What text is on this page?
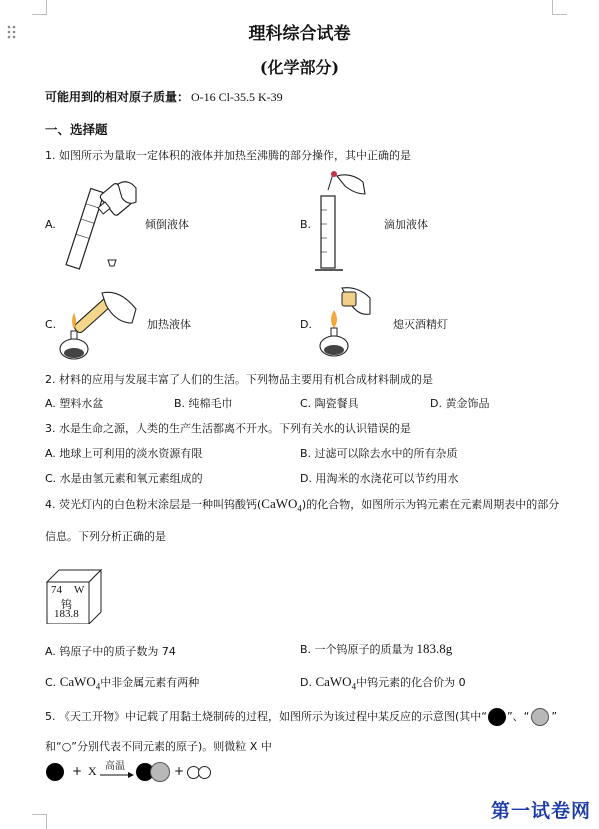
理科综合试卷
(化学部分)
可能用到的相对原子质量： O-16 Cl-35.5 K-39
一、选择题
1. 如图所示为量取一定体积的液体并加热至沸腾的部分操作，其中正确的是
A.	倾倒液体	B.	滴加液体
C.	加热液体	D.	熄灭酒精灯
2. 材料的应用与发展丰富了人们的生活。下列物品主要用有机合成材料制成的是
A. 塑料水盆	B. 纯棉毛巾	C. 陶瓷餐具	D. 黄金饰品
3. 水是生命之源，人类的生产生活都离不开水。下列有关水的认识错误的是
A. 地球上可利用的淡水资源有限	B. 过滤可以除去水中的所有杂质
C. 水是由氢元素和氧元素组成的	D. 用淘米的水浇花可以节约用水
4. 荧光灯内的白色粉末涂层是一种叫钨酸钙(CaWO$_4$)的化合物，如图所示为钨元素在元素周期表中的部分
信息。下列分析正确的是
74 W
钨
183.8
A. 钨原子中的质子数为 74	B. 一个钨原子的质量为 183.8g
C. CaWO$_4$中非金属元素有两种	D. CaWO$_4$中钨元素的化合价为 0
5. 《天工开物》中记载了用黏土烧制砖的过程，如图所示为该过程中某反应的示意图(其中“ ”、“ ”
和“○”分别代表不同元素的原子)。则微粒 X 中
+ X 高温	+
第一试卷网
